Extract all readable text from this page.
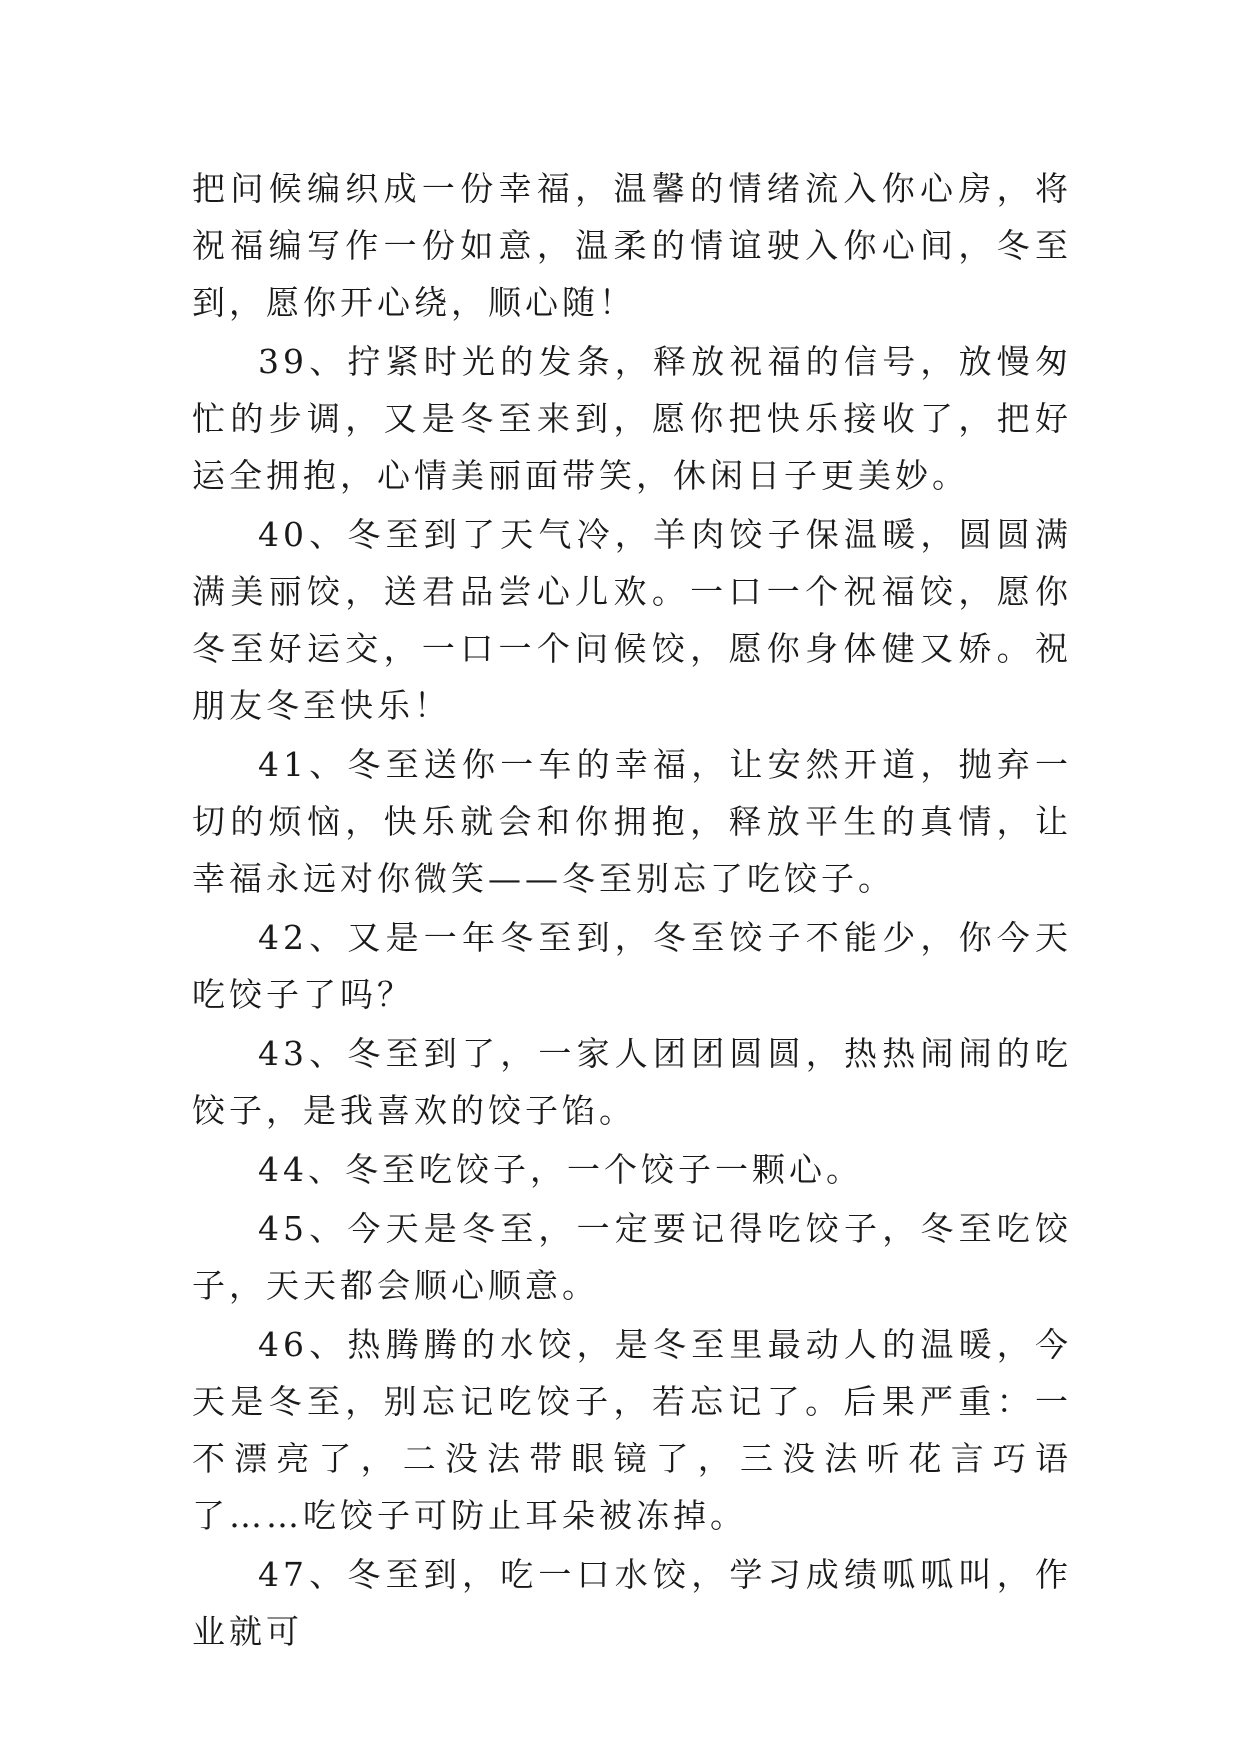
把问候编织成一份幸福，温馨的情绪流入你心房，将祝福编写作一份如意，温柔的情谊驶入你心间，冬至到，愿你开心绕，顺心随！

39、拧紧时光的发条，释放祝福的信号，放慢匆忙的步调，又是冬至来到，愿你把快乐接收了，把好运全拥抱，心情美丽面带笑，休闲日子更美妙。

40、冬至到了天气冷，羊肉饺子保温暖，圆圆满满美丽饺，送君品尝心儿欢。一口一个祝福饺，愿你冬至好运交，一口一个问候饺，愿你身体健又娇。祝朋友冬至快乐！

41、冬至送你一车的幸福，让安然开道，抛弃一切的烦恼，快乐就会和你拥抱，释放平生的真情，让幸福永远对你微笑——冬至别忘了吃饺子。

42、又是一年冬至到，冬至饺子不能少，你今天吃饺子了吗？

43、冬至到了，一家人团团圆圆，热热闹闹的吃饺子，是我喜欢的饺子馅。

44、冬至吃饺子，一个饺子一颗心。

45、今天是冬至，一定要记得吃饺子，冬至吃饺子，天天都会顺心顺意。

46、热腾腾的水饺，是冬至里最动人的温暖，今天是冬至，别忘记吃饺子，若忘记了。后果严重：一不漂亮了，二没法带眼镜了，三没法听花言巧语了……吃饺子可防止耳朵被冻掉。

47、冬至到，吃一口水饺，学习成绩呱呱叫，作业就可
